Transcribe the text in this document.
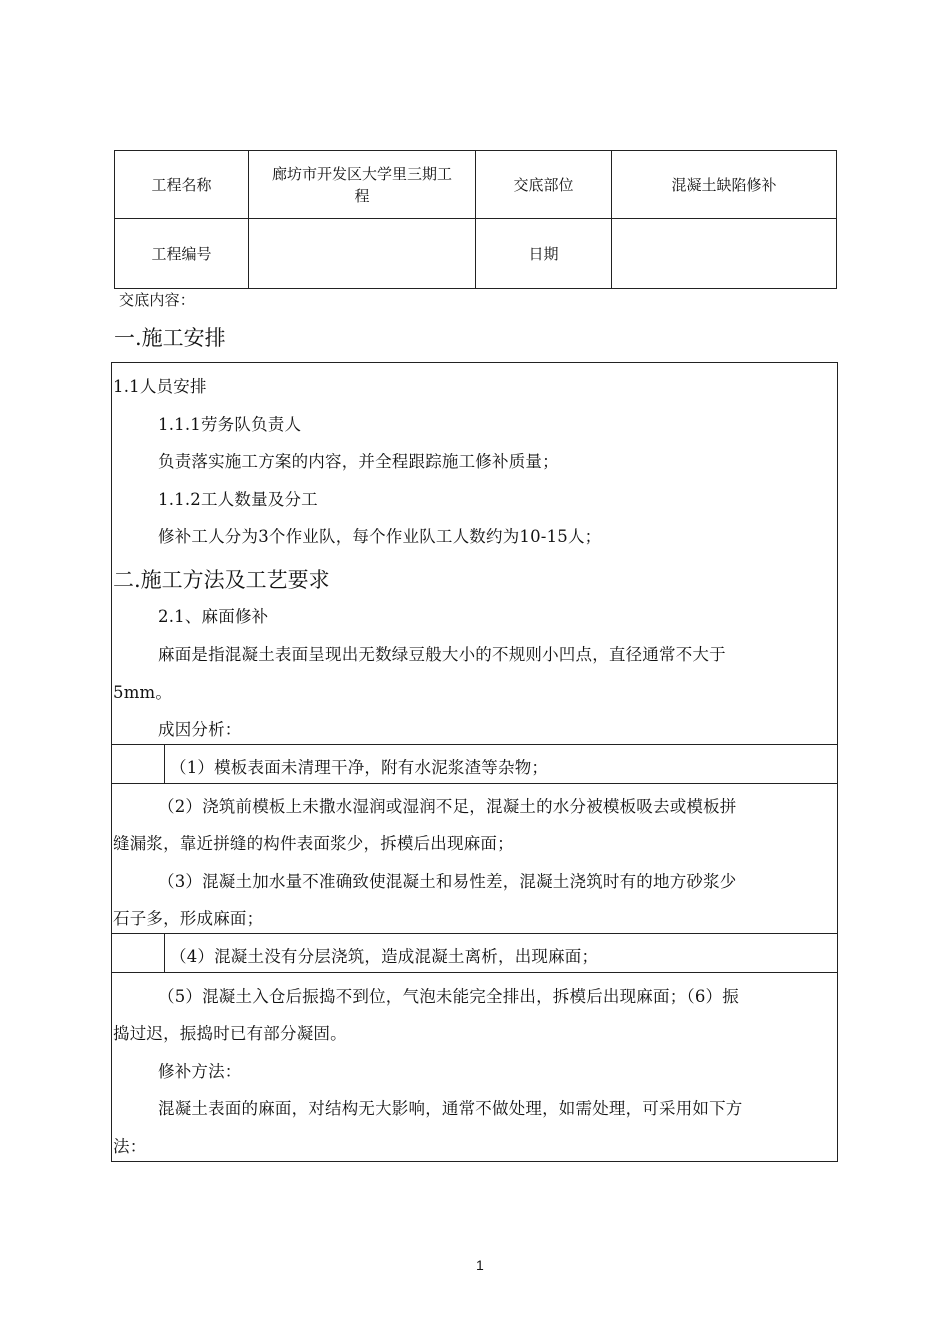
工程名称
廊坊市开发区大学里三期工
程
交底部位	混凝土缺陷修补
工程编号	日期
交底内容：
一.施工安排
1.1人员安排
1.1.1劳务队负责人
负责落实施工方案的内容，并全程跟踪施工修补质量；
1.1.2工人数量及分工
修补工人分为3个作业队，每个作业队工人数约为10-15人；
二.施工方法及工艺要求
2.1、麻面修补
麻面是指混凝土表面呈现出无数绿豆般大小的不规则小凹点，直径通常不大于
5mm。
成因分析：
（1）模板表面未清理干净，附有水泥浆渣等杂物；
（2）浇筑前模板上未撒水湿润或湿润不足，混凝土的水分被模板吸去或模板拼
缝漏浆，靠近拼缝的构件表面浆少，拆模后出现麻面；
（3）混凝土加水量不准确致使混凝土和易性差，混凝土浇筑时有的地方砂浆少
石子多，形成麻面；
（4）混凝土没有分层浇筑，造成混凝土离析，出现麻面；
（5）混凝土入仓后振捣不到位，气泡未能完全排出，拆模后出现麻面；（6）振
捣过迟，振捣时已有部分凝固。
修补方法：
混凝土表面的麻面，对结构无大影响，通常不做处理，如需处理，可采用如下方
法：
1
